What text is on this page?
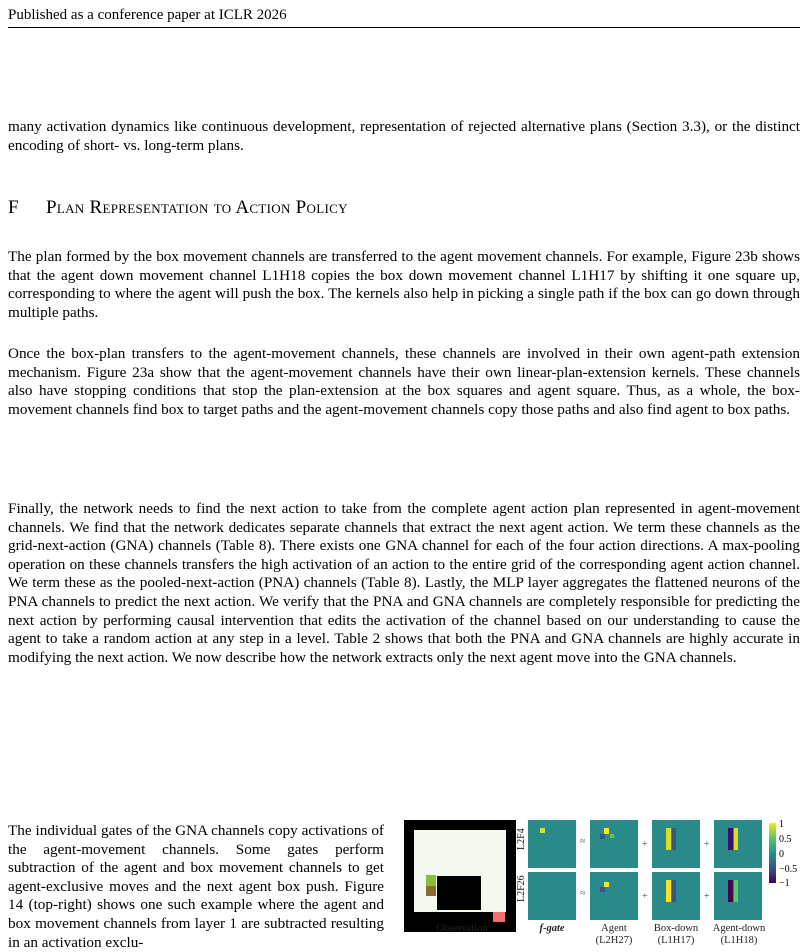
Published as a conference paper at ICLR 2026

many activation dynamics like continuous development, representation of rejected alternative plans (Section 3.3), or the distinct encoding of short- vs. long-term plans.

F Plan Representation to Action Policy

The plan formed by the box movement channels are transferred to the agent movement channels. For example, Figure 23b shows that the agent down movement channel L1H18 copies the box down movement channel L1H17 by shifting it one square up, corresponding to where the agent will push the box. The kernels also help in picking a single path if the box can go down through multiple paths.

Once the box-plan transfers to the agent-movement channels, these channels are involved in their own agent-path extension mechanism. Figure 23a show that the agent-movement channels have their own linear-plan-extension kernels. These channels also have stopping conditions that stop the plan-extension at the box squares and agent square. Thus, as a whole, the box-movement channels find box to target paths and the agent-movement channels copy those paths and also find agent to box paths.

Finally, the network needs to find the next action to take from the complete agent action plan represented in agent-movement channels. We find that the network dedicates separate channels that extract the next agent action. We term these channels as the grid-next-action (GNA) channels (Table 8). There exists one GNA channel for each of the four action directions. A max-pooling operation on these channels transfers the high activation of an action to the entire grid of the corresponding agent action channel. We term these as the pooled-next-action (PNA) channels (Table 8). Lastly, the MLP layer aggregates the flattened neurons of the PNA channels to predict the next action. We verify that the PNA and GNA channels are completely responsible for predicting the next action by performing causal intervention that edits the activation of the channel based on our understanding to cause the agent to take a random action at any step in a level. Table 2 shows that both the PNA and GNA channels are highly accurate in modifying the next action. We now describe how the network extracts only the next agent move into the GNA channels.

The individual gates of the GNA channels copy activations of the agent-movement channels. Some gates perform subtraction of the agent and box movement channels to get agent-exclusive moves and the next agent box push. Figure 14 (top-right) shows one such example where the agent and box movement channels from layer 1 are subtracted resulting in an activation exclu-

Observation
L2F4
L2F26
≈	+	+
≈	+	+
f-gate	Agent
(L2H27)
Box-down
(L1H17)
Agent-down
(L1H18)
1
0.5
0
−0.5
−1
